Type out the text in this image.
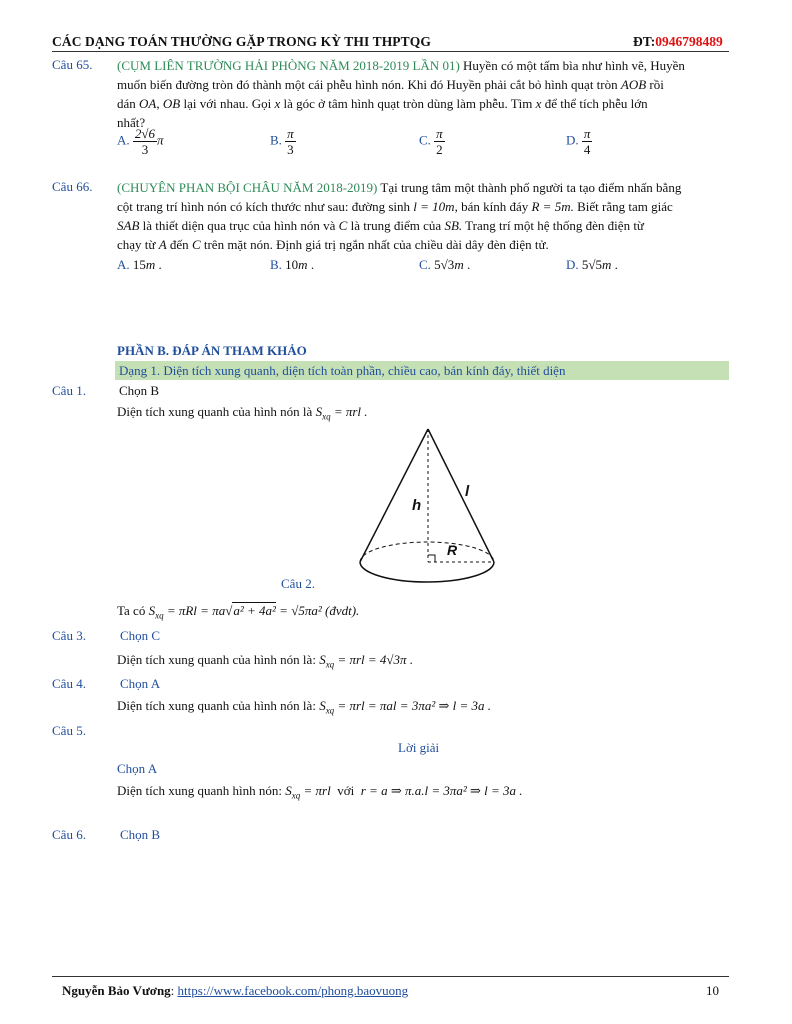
CÁC DẠNG TOÁN THƯỜNG GẶP TRONG KỲ THI THPTQG	ĐT:0946798489
Câu 65. (CỤM LIÊN TRƯỜNG HẢI PHÒNG NĂM 2018-2019 LẦN 01) Huyền có một tấm bìa như hình vẽ, Huyền
muốn biến đường tròn đó thành một cái phễu hình nón. Khi đó Huyền phải cắt bỏ hình quạt tròn AOB rồi
dán OA, OB lại với nhau. Gọi x là góc ở tâm hình quạt tròn dùng làm phễu. Tìm x để thể tích phễu lớn
nhất?
A. $\frac{2√6}{3}$ π	B. $\frac{\pi}{3}$	C. $\frac{\pi}{2}$	D. $\frac{\pi}{4}$
Câu 66. (CHUYÊN PHAN BỘI CHÂU NĂM 2018-2019) Tại trung tâm một thành phố người ta tạo điểm nhấn bằng
cột trang trí hình nón có kích thước như sau: đường sinh l = 10m, bán kính đáy R = 5m. Biết rằng tam giác
SAB là thiết diện qua trục của hình nón và C là trung điểm của SB. Trang trí một hệ thống đèn điện từ
chạy từ A đến C trên mặt nón. Định giá trị ngắn nhất của chiều dài dây đèn điện tử.
A. 15m .	B. 10m .	C. 5√3m .	D. 5√5m .
PHẦN B. ĐÁP ÁN THAM KHẢO
Dạng 1. Diện tích xung quanh, diện tích toàn phần, chiều cao, bán kính đáy, thiết diện
Câu 1.	Chọn B
Diện tích xung quanh của hình nón là $S_{xq} = \pi rl$ .
h
l
R
Câu 2.
Ta có $S_{xq} = \pi Rl = \pi a√a^2 + 4a^2 = √5\pi a^2$ (đvdt).
Câu 3.	Chọn C
Diện tích xung quanh của hình nón là: $S_{xq} = \pi rl = 4√3\pi$ .
Câu 4.	Chọn A
Diện tích xung quanh của hình nón là: $S_{xq} = \pi rl = \pi al = 3\pi a^2$ ⇒ l = 3a .
Câu 5.
Lời giải
Chọn A
Diện tích xung quanh hình nón: $S_{xq} = \pi rl$  với  r = a ⇒ π.a.l = 3πa² ⇒ l = 3a .
Câu 6.	Chọn B
Nguyễn Bảo Vương: https://www.facebook.com/phong.baovuong	10
